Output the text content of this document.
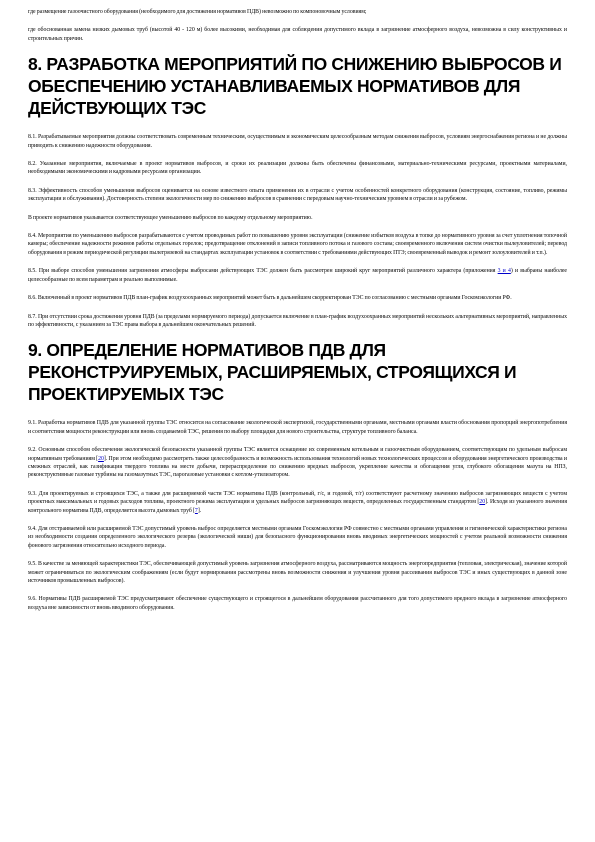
где размещение газоочистного оборудования (необходимого для достижения нормативов ПДВ) невозможно по компоновочным условиям;

где обоснованная замена низких дымовых труб (высотой 40 - 120 м) более высокими, необходимая для соблюдения допустимого вклада в загрязнение атмосферного воздуха, невозможна в силу конструктивных и строительных причин.

8. РАЗРАБОТКА МЕРОПРИЯТИЙ ПО СНИЖЕНИЮ ВЫБРОСОВ И ОБЕСПЕЧЕНИЮ УСТАНАВЛИВАЕМЫХ НОРМАТИВОВ ДЛЯ ДЕЙСТВУЮЩИХ ТЭС

8.1. Разрабатываемые мероприятия должны соответствовать современным техническим, осуществимым и экономическим целесообразным методам снижения выбросов, условиям энергоснабжения региона и не должны приводить к снижению надежности оборудования.

8.2. Указанные мероприятия, включаемые в проект нормативов выбросов, и сроки их реализации должны быть обеспечены финансовыми, материально-техническими ресурсами, проектными материалами, необходимыми экономическими и кадровыми ресурсами организации.

8.3. Эффективность способов уменьшения выбросов оценивается на основе известного опыта применения их в отрасли с учетом особенностей конкретного оборудования (конструкция, состояние, топливо, режимы эксплуатации и обслуживания). Достоверность степени экологичности мер по снижению выбросов в сравнении с передовым научно-техническим уровнем в отрасли и за рубежом.

В проекте нормативов указывается соответствующее уменьшению выбросов по каждому отдельному мероприятию.

8.4. Мероприятия по уменьшению выбросов разрабатываются с учетом проводимых работ по повышению уровня эксплуатации (снижение избытков воздуха в топке до нормативного уровня за счет уплотнения топочной камеры; обеспечение надежности режимов работы отдельных горелок; предотвращение отклонений в записи топливного потока и газового состава; своевременного включения систем очистки пылеуловителей; перевод оборудования в режим периодической регуляции пылегрязевой на стандартах эксплуатации установок в соответствии с требованиями действующих ПТЭ; своевременный выводок и ремонт золоуловителей и т.п.).

8.5. При выборе способов уменьшения загрязнения атмосферы выбросами действующих ТЭС должен быть рассмотрен широкий круг мероприятий различного характера (приложения 3 и 4) и выбраны наиболее целесообразные по всем параметрам и реально выполнимые.

8.6. Включенный в проект нормативов ПДВ план-график воздухоохранных мероприятий может быть в дальнейшем скорректирован ТЭС по согласованию с местными органами Госкомэкологии РФ.

8.7. При отсутствии срока достижения уровня ПДВ (за пределами нормируемого периода) допускается включение в план-график воздухоохранных мероприятий нескольких альтернативных мероприятий, направленных по эффективности, с указанием за ТЭС права выбора в дальнейшем окончательных решений.

9. ОПРЕДЕЛЕНИЕ НОРМАТИВОВ ПДВ ДЛЯ РЕКОНСТРУИРУЕМЫХ, РАСШИРЯЕМЫХ, СТРОЯЩИХСЯ И ПРОЕКТИРУЕМЫХ ТЭС

9.1. Разработка нормативов ПДВ для указанной группы ТЭС относится на согласование экологической экспертизой, государственными органами, местными органами власти обоснования пропорций энергопотребления и соответствия мощности реконструкции или вновь создаваемой ТЭС, решения по выбору площадки для нового строительства, структуре топливного баланса.

9.2. Основным способом обеспечения экологической безопасности указанной группы ТЭС является оснащение их современным котельным и газоочистным оборудованием, соответствующим по удельным выбросам нормативным требованиям [20]. При этом необходимо рассмотреть также целесообразность и возможность использования технологий новых технологических процессов и оборудования энергетического производства и смежных отраслей, как газификация твердого топлива на месте добычи, перераспределение по снижению вредных выбросов, укрепление качества и обогащения угля, глубокого обогащения мазута на НПЗ, реконструктивные газовые турбины на газомазутных ТЭС, парогазовые установки с котлом-утилизатором.

9.3. Для проектируемых и строящихся ТЭС, а также для расширяемой части ТЭС нормативы ПДВ (контрольный, г/с, и годовой, т/г) соответствуют расчетному значению выбросов загрязняющих веществ с учетом проектных максимальных и годовых расходов топлива, проектного режима эксплуатации и удельных выбросов загрязняющих веществ, определенных государственным стандартом [20]. Исходя из указанного значения контрольного норматива ПДВ, определяется высота дымовых труб [7].

9.4. Для отстраиваемой или расширяемой ТЭС допустимый уровень выброс определяется местными органами Госкомэкологии РФ совместно с местными органами управления и гигиенической характеристики региона из необходимости создания определенного экологического резерва (экологической ниши) для безопасного функционирования вновь вводимых энергетических мощностей с учетом реальной возможности снижения фонового загрязнения относительно исходного периода.

9.5. В качестве за меняющей характеристики ТЭС, обеспечивающей допустимый уровень загрязнения атмосферного воздуха, рассматриваются мощность энергопредприятия (тепловая, электрическая), значение которой может ограничиваться по экологическим соображениям (если будут нормирования рассмотрены вновь возможности снижения и улучшения уровня рассеивания выбросов ТЭС и иных существующих в данной зоне источников промышленных выбросов).

9.6. Нормативы ПДВ расширяемой ТЭС предусматривают обеспечение существующего и строящегося в дальнейшем оборудования рассчитанного для того допустимого вредного вклада в загрязнение атмосферного воздуха вне зависимости от вновь вводимого оборудования.
